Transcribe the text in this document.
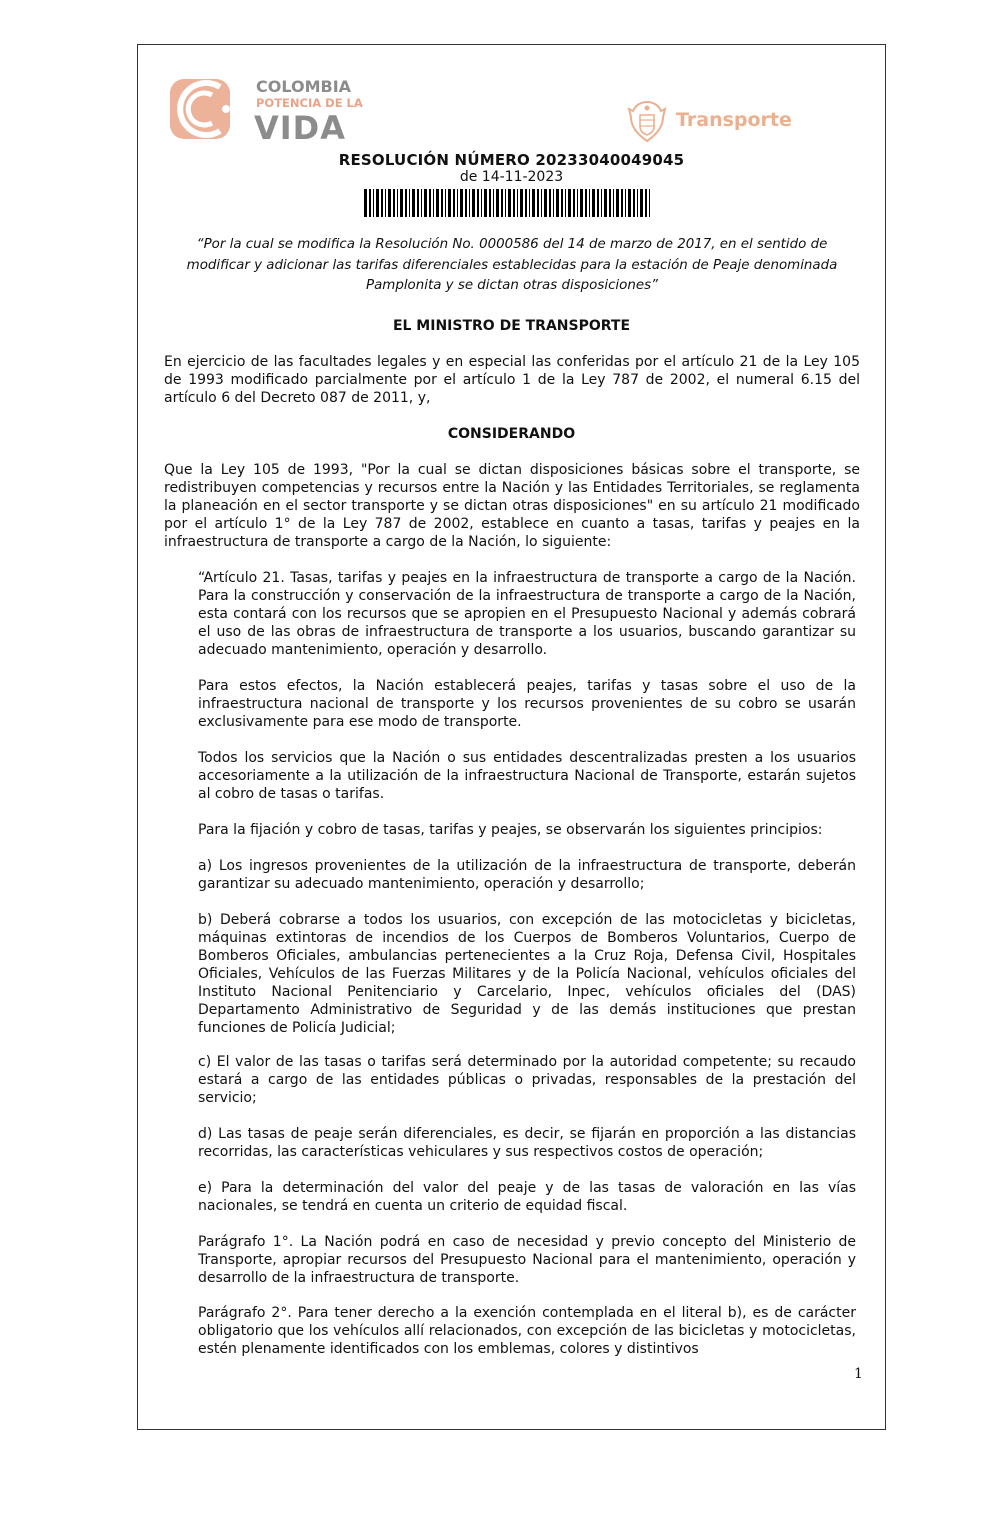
COLOMBIA
POTENCIA DE LA
VIDA	Transporte
RESOLUCIÓN NÚMERO 20233040049045
de 14-11-2023
“Por la cual se modifica la Resolución No. 0000586 del 14 de marzo de 2017, en el sentido de modificar y adicionar las tarifas diferenciales establecidas para la estación de Peaje denominada Pamplonita y se dictan otras disposiciones”
EL MINISTRO DE TRANSPORTE
En ejercicio de las facultades legales y en especial las conferidas por el artículo 21 de la Ley 105 de 1993 modificado parcialmente por el artículo 1 de la Ley 787 de 2002, el numeral 6.15 del artículo 6 del Decreto 087 de 2011, y,
CONSIDERANDO
Que la Ley 105 de 1993, "Por la cual se dictan disposiciones básicas sobre el transporte, se redistribuyen competencias y recursos entre la Nación y las Entidades Territoriales, se reglamenta la planeación en el sector transporte y se dictan otras disposiciones" en su artículo 21 modificado por el artículo 1° de la Ley 787 de 2002, establece en cuanto a tasas, tarifas y peajes en la infraestructura de transporte a cargo de la Nación, lo siguiente:
“Artículo 21. Tasas, tarifas y peajes en la infraestructura de transporte a cargo de la Nación. Para la construcción y conservación de la infraestructura de transporte a cargo de la Nación, esta contará con los recursos que se apropien en el Presupuesto Nacional y además cobrará el uso de las obras de infraestructura de transporte a los usuarios, buscando garantizar su adecuado mantenimiento, operación y desarrollo.
Para estos efectos, la Nación establecerá peajes, tarifas y tasas sobre el uso de la infraestructura nacional de transporte y los recursos provenientes de su cobro se usarán exclusivamente para ese modo de transporte.
Todos los servicios que la Nación o sus entidades descentralizadas presten a los usuarios accesoriamente a la utilización de la infraestructura Nacional de Transporte, estarán sujetos al cobro de tasas o tarifas.
Para la fijación y cobro de tasas, tarifas y peajes, se observarán los siguientes principios:
a) Los ingresos provenientes de la utilización de la infraestructura de transporte, deberán garantizar su adecuado mantenimiento, operación y desarrollo;
b) Deberá cobrarse a todos los usuarios, con excepción de las motocicletas y bicicletas, máquinas extintoras de incendios de los Cuerpos de Bomberos Voluntarios, Cuerpo de Bomberos Oficiales, ambulancias pertenecientes a la Cruz Roja, Defensa Civil, Hospitales Oficiales, Vehículos de las Fuerzas Militares y de la Policía Nacional, vehículos oficiales del Instituto Nacional Penitenciario y Carcelario, Inpec, vehículos oficiales del (DAS) Departamento Administrativo de Seguridad y de las demás instituciones que prestan funciones de Policía Judicial;
c) El valor de las tasas o tarifas será determinado por la autoridad competente; su recaudo estará a cargo de las entidades públicas o privadas, responsables de la prestación del servicio;
d) Las tasas de peaje serán diferenciales, es decir, se fijarán en proporción a las distancias recorridas, las características vehiculares y sus respectivos costos de operación;
e) Para la determinación del valor del peaje y de las tasas de valoración en las vías nacionales, se tendrá en cuenta un criterio de equidad fiscal.
Parágrafo 1°. La Nación podrá en caso de necesidad y previo concepto del Ministerio de Transporte, apropiar recursos del Presupuesto Nacional para el mantenimiento, operación y desarrollo de la infraestructura de transporte.
Parágrafo 2°. Para tener derecho a la exención contemplada en el literal b), es de carácter obligatorio que los vehículos allí relacionados, con excepción de las bicicletas y motocicletas, estén plenamente identificados con los emblemas, colores y distintivos
1
